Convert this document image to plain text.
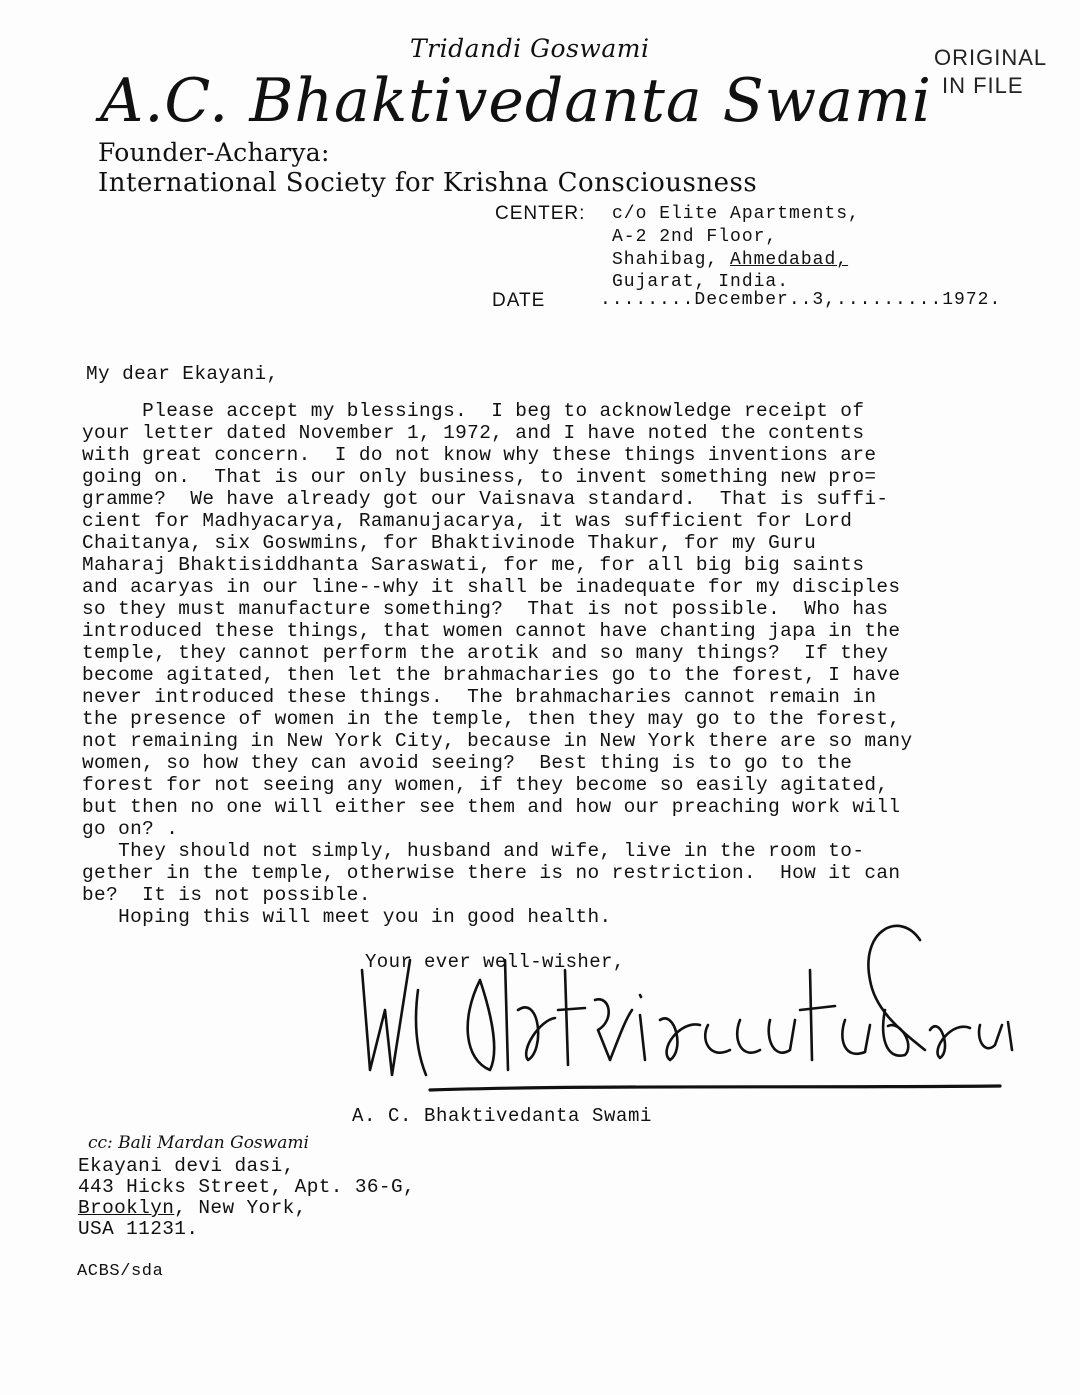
Tridandi Goswami
A.C. Bhaktivedanta Swami
ORIGINAL
IN FILE
Founder-Acharya:
International Society for Krishna Consciousness
CENTER: c/o Elite Apartments,
A-2 2nd Floor,
Shahibag, Ahmedabad,
Gujarat, India.
DATE	........December..3,.........1972.
My dear Ekayani,
Please accept my blessings.  I beg to acknowledge receipt of
your letter dated November 1, 1972, and I have noted the contents
with great concern.  I do not know why these things inventions are
going on.  That is our only business, to invent something new pro=
gramme?  We have already got our Vaisnava standard.  That is suffi-
cient for Madhyacarya, Ramanujacarya, it was sufficient for Lord
Chaitanya, six Goswmins, for Bhaktivinode Thakur, for my Guru
Maharaj Bhaktisiddhanta Saraswati, for me, for all big big saints
and acaryas in our line--why it shall be inadequate for my disciples
so they must manufacture something?  That is not possible.  Who has
introduced these things, that women cannot have chanting japa in the
temple, they cannot perform the arotik and so many things?  If they
become agitated, then let the brahmacharies go to the forest, I have
never introduced these things.  The brahmacharies cannot remain in
the presence of women in the temple, then they may go to the forest,
not remaining in New York City, because in New York there are so many
women, so how they can avoid seeing?  Best thing is to go to the
forest for not seeing any women, if they become so easily agitated,
but then no one will either see them and how our preaching work will
go on? .
They should not simply, husband and wife, live in the room to-
gether in the temple, otherwise there is no restriction.  How it can
be?  It is not possible.
Hoping this will meet you in good health.
Your ever well-wisher,
A. C. Bhaktivedanta Swami
cc: Bali Mardan Goswami
Ekayani devi dasi,
443 Hicks Street, Apt. 36-G,
Brooklyn, New York,
USA 11231.
ACBS/sda
